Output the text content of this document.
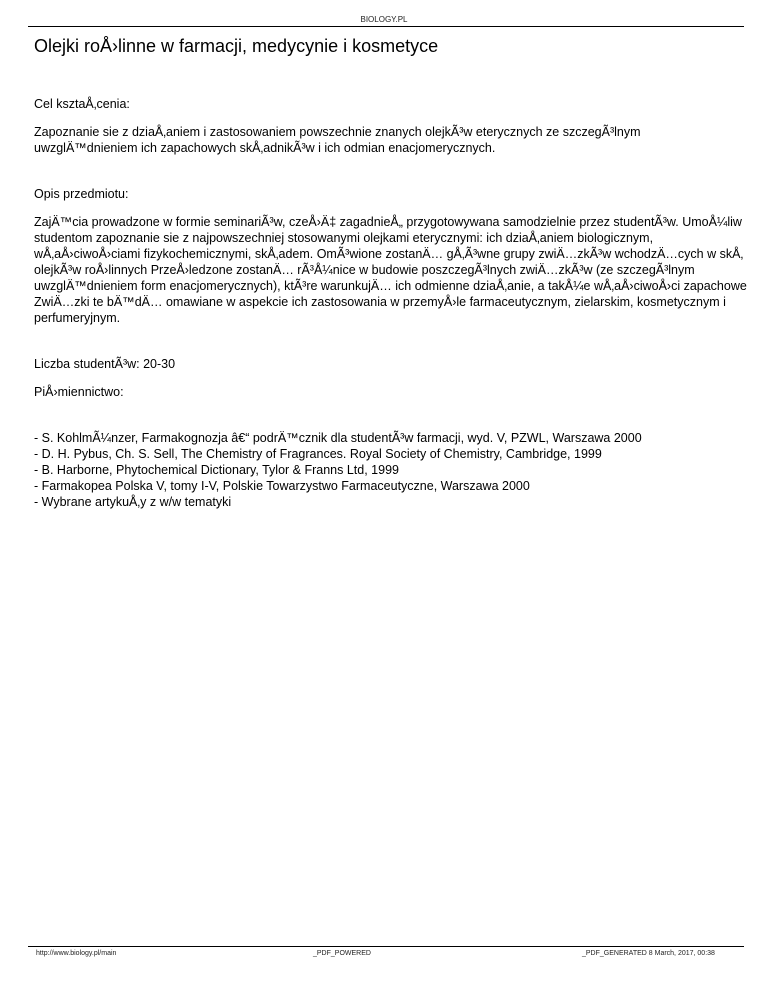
BIOLOGY.PL
Olejki roÅ›linne w farmacji, medycynie i kosmetyce

Cel ksztaÅ‚cenia:

Zapoznanie sie z dziaÅ‚aniem i zastosowaniem powszechnie znanych olejkÃ³w eterycznych ze szczegÃ³lnym

uwzglÄ™dnieniem ich zapachowych skÅ‚adnikÃ³w i ich odmian enacjomerycznych.

Opis przedmiotu:

ZajÄ™cia prowadzone w formie seminariÃ³w, czeÅ›Ä‡ zagadnieÅ„ przygotowywana samodzielnie przez studentÃ³w. UmoÅ¼liw

studentom zapoznanie sie z najpowszechniej stosowanymi olejkami eterycznymi: ich dziaÅ‚aniem biologicznym,

wÅ‚aÅ›ciwoÅ›ciami fizykochemicznymi, skÅ‚adem. OmÃ³wione zostanÄ… gÅ‚Ã³wne grupy zwiÄ…zkÃ³w wchodzÄ…cych w skÅ‚

olejkÃ³w roÅ›linnych PrzeÅ›ledzone zostanÄ… rÃ³Å¼nice w budowie poszczegÃ³lnych zwiÄ…zkÃ³w (ze szczegÃ³lnym

uwzglÄ™dnieniem form enacjomerycznych), ktÃ³re warunkujÄ… ich odmienne dziaÅ‚anie, a takÅ¼e wÅ‚aÅ›ciwoÅ›ci zapachowe

ZwiÄ…zki te bÄ™dÄ… omawiane w aspekcie ich zastosowania w przemyÅ›le farmaceutycznym, zielarskim, kosmetycznym i

perfumeryjnym.

Liczba studentÃ³w: 20-30

PiÅ›miennictwo:

- S. KohlmÃ¼nzer, Farmakognozja â€“ podrÄ™cznik dla studentÃ³w farmacji, wyd. V, PZWL, Warszawa 2000

- D. H. Pybus, Ch. S. Sell, The Chemistry of Fragrances. Royal Society of Chemistry, Cambridge, 1999

- B. Harborne, Phytochemical Dictionary, Tylor & Franns Ltd, 1999

- Farmakopea Polska V, tomy I-V, Polskie Towarzystwo Farmaceutyczne, Warszawa 2000

- Wybrane artykuÅ‚y z w/w tematyki

http://www.biology.pl/main	_PDF_POWERED	_PDF_GENERATED 8 March, 2017, 00:38
